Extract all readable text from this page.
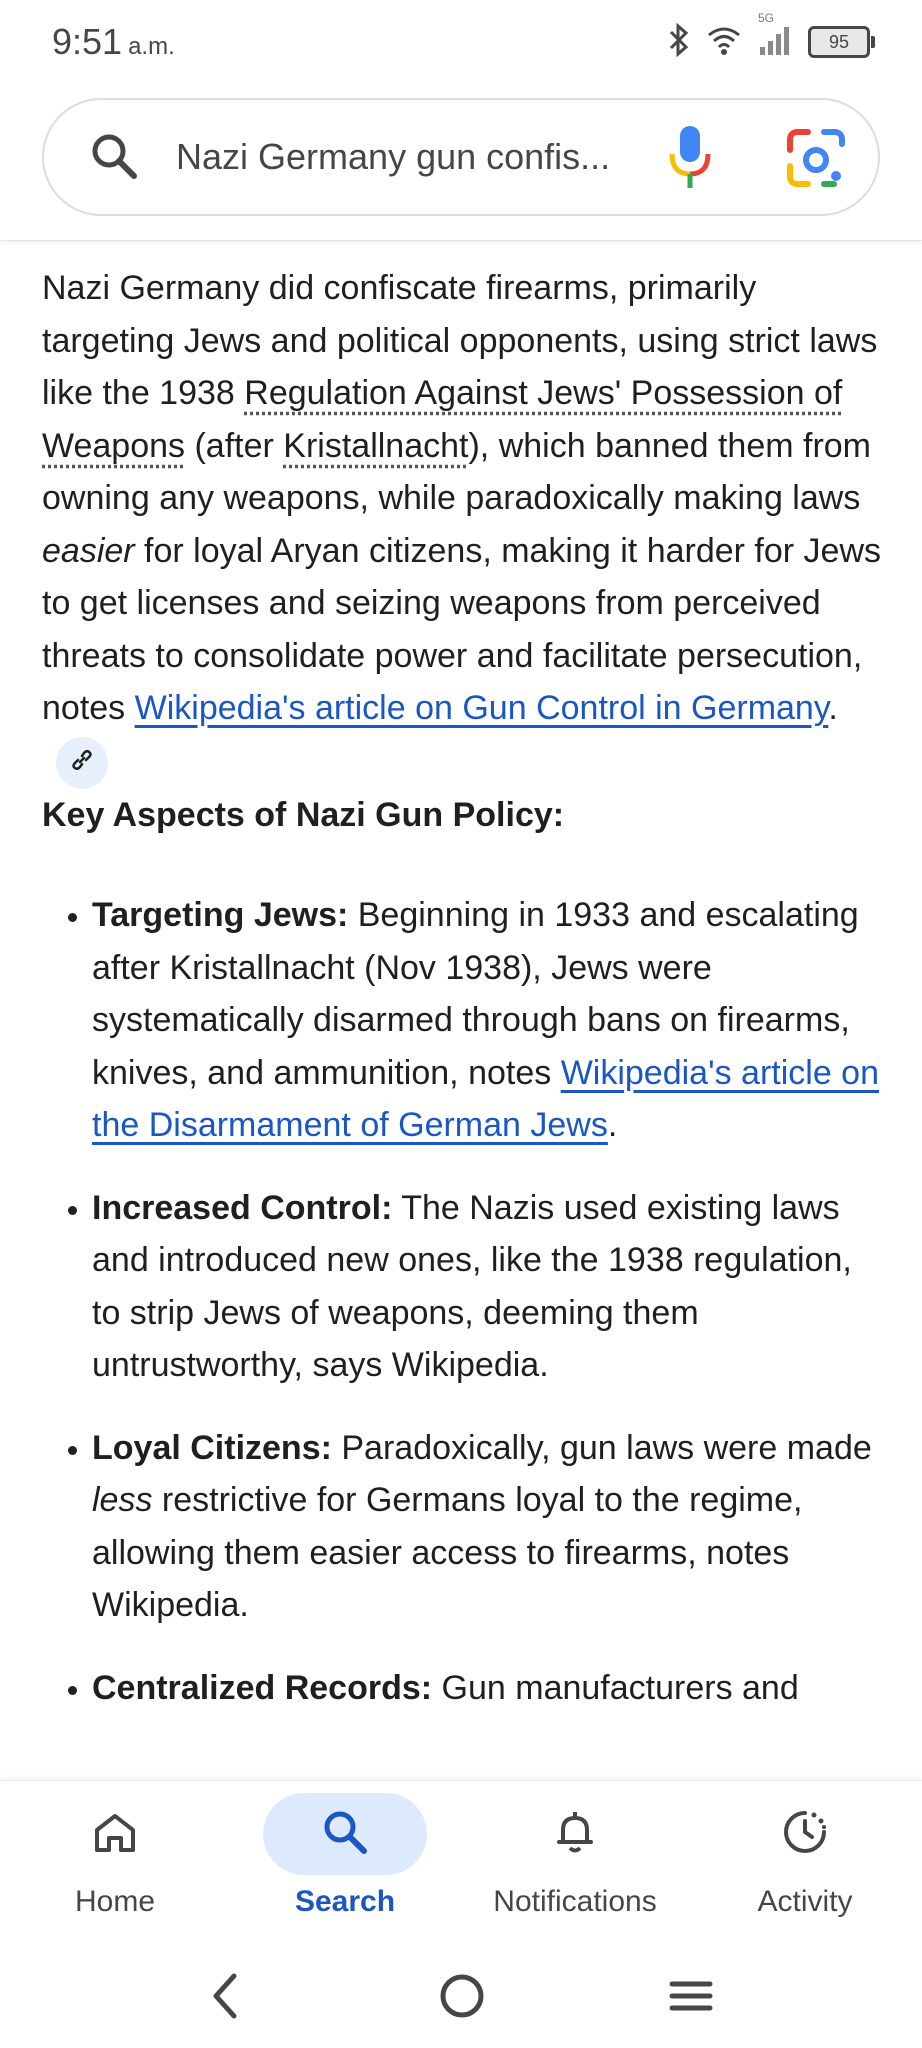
9:51 a.m.
5G
95
Nazi Germany gun confis...

Nazi Germany did confiscate firearms, primarily targeting Jews and political opponents, using strict laws like the 1938 Regulation Against Jews' Possession of Weapons (after Kristallnacht), which banned them from owning any weapons, while paradoxically making laws easier for loyal Aryan citizens, making it harder for Jews to get licenses and seizing weapons from perceived threats to consolidate power and facilitate persecution, notes Wikipedia's article on Gun Control in Germany.

Key Aspects of Nazi Gun Policy:

• Targeting Jews: Beginning in 1933 and escalating after Kristallnacht (Nov 1938), Jews were systematically disarmed through bans on firearms, knives, and ammunition, notes Wikipedia's article on the Disarmament of German Jews.
• Increased Control: The Nazis used existing laws and introduced new ones, like the 1938 regulation, to strip Jews of weapons, deeming them untrustworthy, says Wikipedia.
• Loyal Citizens: Paradoxically, gun laws were made less restrictive for Germans loyal to the regime, allowing them easier access to firearms, notes Wikipedia.
• Centralized Records: Gun manufacturers and
Home	Search	Notifications	Activity
